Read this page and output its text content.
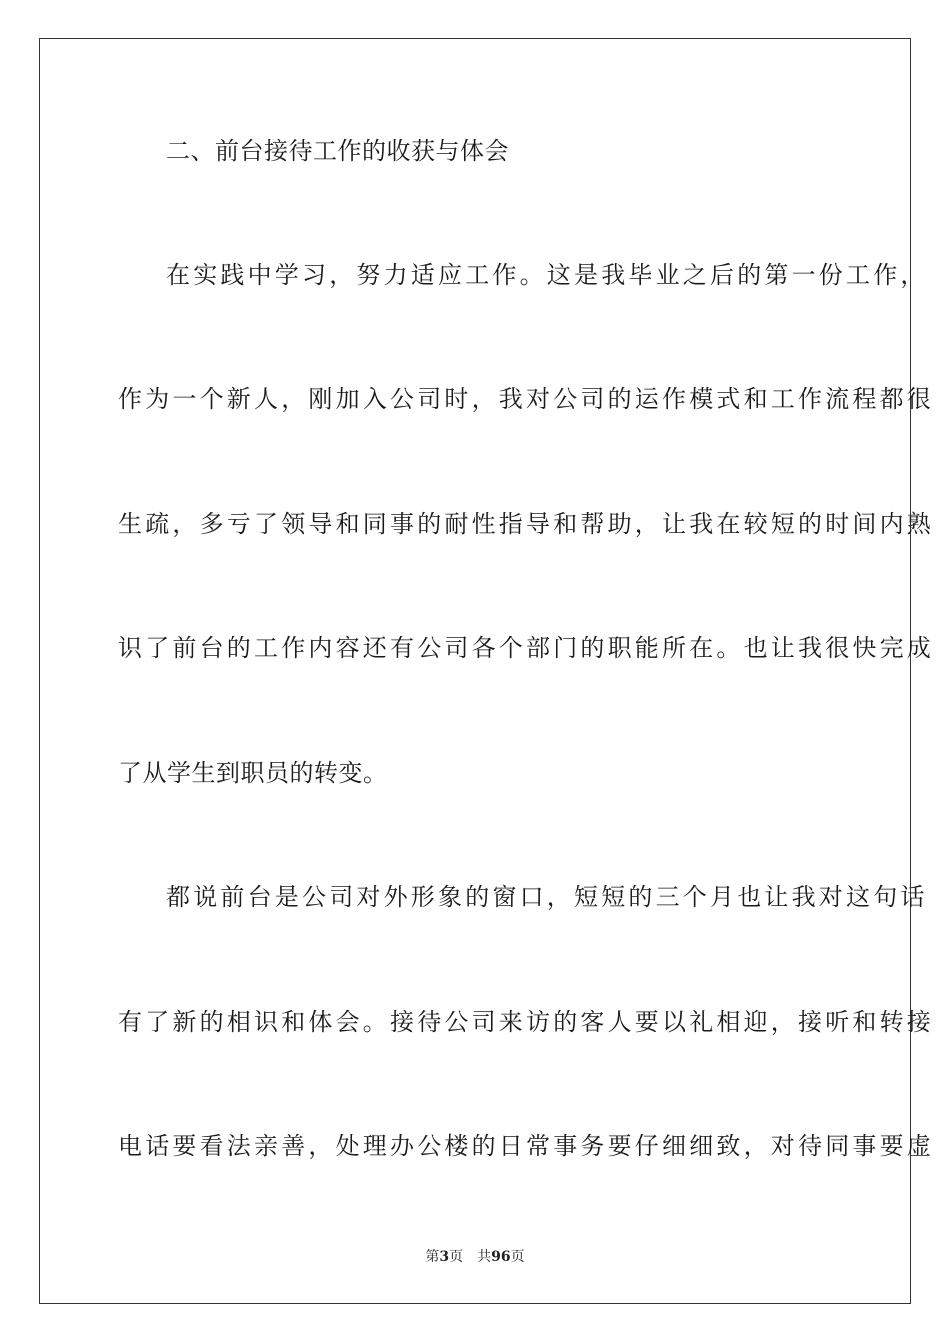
二、前台接待工作的收获与体会
在实践中学习，努力适应工作。这是我毕业之后的第一份工作，
作为一个新人，刚加入公司时，我对公司的运作模式和工作流程都很
生疏，多亏了领导和同事的耐性指导和帮助，让我在较短的时间内熟
识了前台的工作内容还有公司各个部门的职能所在。也让我很快完成
了从学生到职员的转变。
都说前台是公司对外形象的窗口，短短的三个月也让我对这句话
有了新的相识和体会。接待公司来访的客人要以礼相迎，接听和转接
电话要看法亲善，处理办公楼的日常事务要仔细细致，对待同事要虚
第3页 共96页
